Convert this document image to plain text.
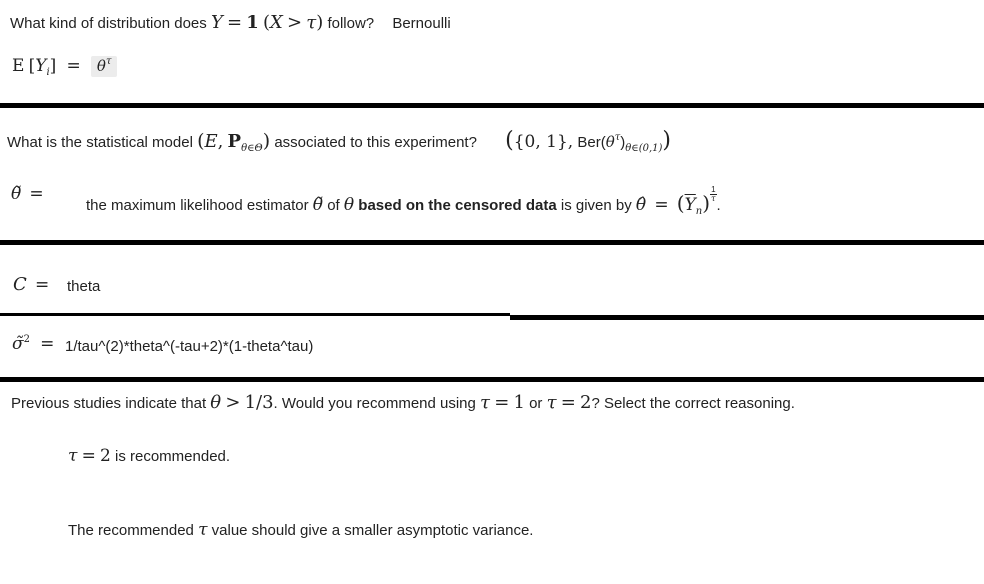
What kind of distribution does Y = 1 (X > τ) follow? Bernoulli
E $[Y_i] = \theta^\tau$
What is the statistical model (E, $P_{\theta\in\Theta}$) associated to this experiment? ({0, 1}, $Ber(\theta^\tau)_{\theta\in(0,1)}$)
θ̃ =
the maximum likelihood estimator θ̃ of θ based on the censored data is given by θ̂ = $(\overline{Y}_n) \frac{1}{\tau}$
.
C = theta
σ̃$^2$ = 1/tau^(2)*theta^(-tau+2)*(1-theta^tau)
Previous studies indicate that θ > 1/3. Would you recommend using τ = 1 or τ = 2? Select the correct reasoning.
τ = 2 is recommended.
The recommended τ value should give a smaller asymptotic variance.
